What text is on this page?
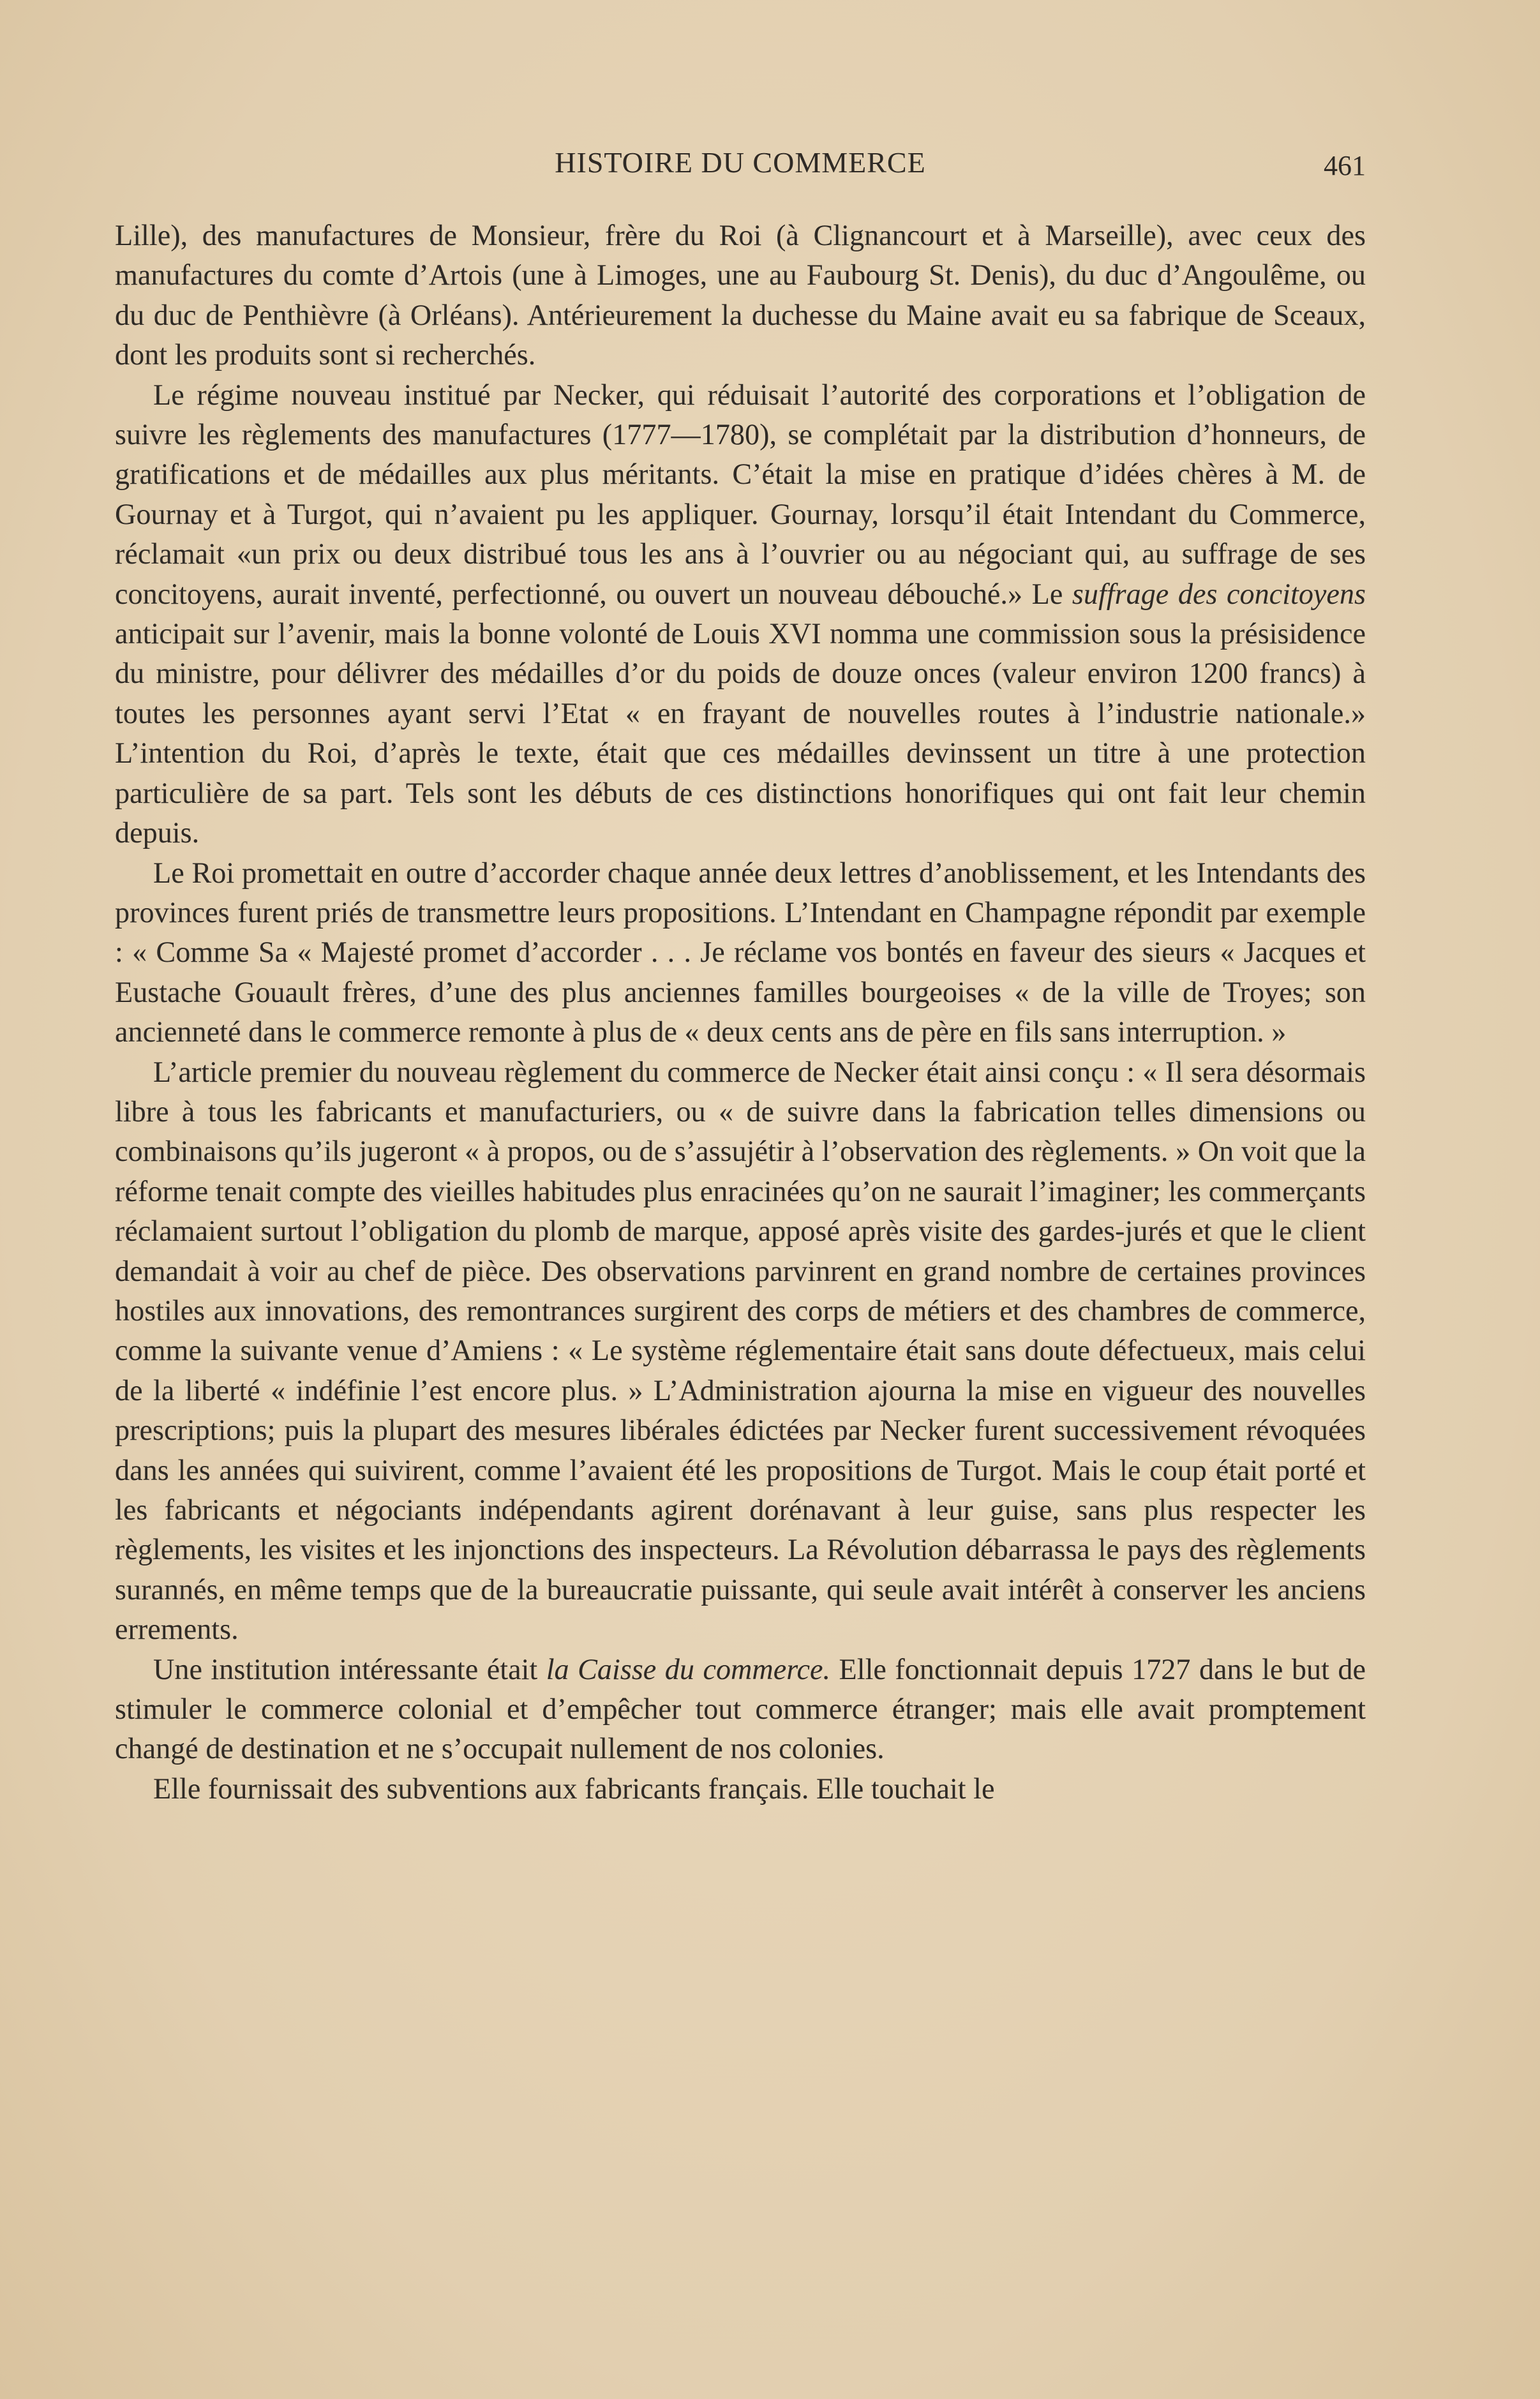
HISTOIRE DU COMMERCE	461

Lille), des manufactures de Monsieur, frère du Roi (à Clignancourt et à Marseille), avec ceux des manufactures du comte d’Artois (une à Limoges, une au Faubourg St. Denis), du duc d’Angoulême, ou du duc de Penthièvre (à Orléans). Antérieurement la duchesse du Maine avait eu sa fabrique de Sceaux, dont les produits sont si recherchés.

Le régime nouveau institué par Necker, qui réduisait l’autorité des corporations et l’obligation de suivre les règlements des manufactures (1777—1780), se complétait par la distribution d’honneurs, de gratifications et de médailles aux plus méritants. C’était la mise en pratique d’idées chères à M. de Gournay et à Turgot, qui n’avaient pu les appliquer. Gournay, lorsqu’il était Intendant du Commerce, réclamait «un prix ou deux distribué tous les ans à l’ouvrier ou au négociant qui, au suffrage de ses concitoyens, aurait inventé, perfectionné, ou ouvert un nouveau débouché.» Le suffrage des concitoyens anticipait sur l’avenir, mais la bonne volonté de Louis XVI nomma une commission sous la présisidence du ministre, pour délivrer des médailles d’or du poids de douze onces (valeur environ 1200 francs) à toutes les personnes ayant servi l’Etat « en frayant de nouvelles routes à l’industrie nationale.» L’intention du Roi, d’après le texte, était que ces médailles devinssent un titre à une protection particulière de sa part. Tels sont les débuts de ces distinctions honorifiques qui ont fait leur chemin depuis.

Le Roi promettait en outre d’accorder chaque année deux lettres d’anoblissement, et les Intendants des provinces furent priés de transmettre leurs propositions. L’Intendant en Champagne répondit par exemple : « Comme Sa « Majesté promet d’accorder . . . Je réclame vos bontés en faveur des sieurs « Jacques et Eustache Gouault frères, d’une des plus anciennes familles bourgeoises « de la ville de Troyes; son ancienneté dans le commerce remonte à plus de « deux cents ans de père en fils sans interruption. »

L’article premier du nouveau règlement du commerce de Necker était ainsi conçu : « Il sera désormais libre à tous les fabricants et manufacturiers, ou « de suivre dans la fabrication telles dimensions ou combinaisons qu’ils jugeront « à propos, ou de s’assujétir à l’observation des règlements. » On voit que la réforme tenait compte des vieilles habitudes plus enracinées qu’on ne saurait l’imaginer; les commerçants réclamaient surtout l’obligation du plomb de marque, apposé après visite des gardes-jurés et que le client demandait à voir au chef de pièce. Des observations parvinrent en grand nombre de certaines provinces hostiles aux innovations, des remontrances surgirent des corps de métiers et des chambres de commerce, comme la suivante venue d’Amiens : « Le système réglementaire était sans doute défectueux, mais celui de la liberté « indéfinie l’est encore plus. » L’Administration ajourna la mise en vigueur des nouvelles prescriptions; puis la plupart des mesures libérales édictées par Necker furent successivement révoquées dans les années qui suivirent, comme l’avaient été les propositions de Turgot. Mais le coup était porté et les fabricants et négociants indépendants agirent dorénavant à leur guise, sans plus respecter les règlements, les visites et les injonctions des inspecteurs. La Révolution débarrassa le pays des règlements surannés, en même temps que de la bureaucratie puissante, qui seule avait intérêt à conserver les anciens errements.

Une institution intéressante était la Caisse du commerce. Elle fonctionnait depuis 1727 dans le but de stimuler le commerce colonial et d’empêcher tout commerce étranger; mais elle avait promptement changé de destination et ne s’occupait nullement de nos colonies.

Elle fournissait des subventions aux fabricants français. Elle touchait le
